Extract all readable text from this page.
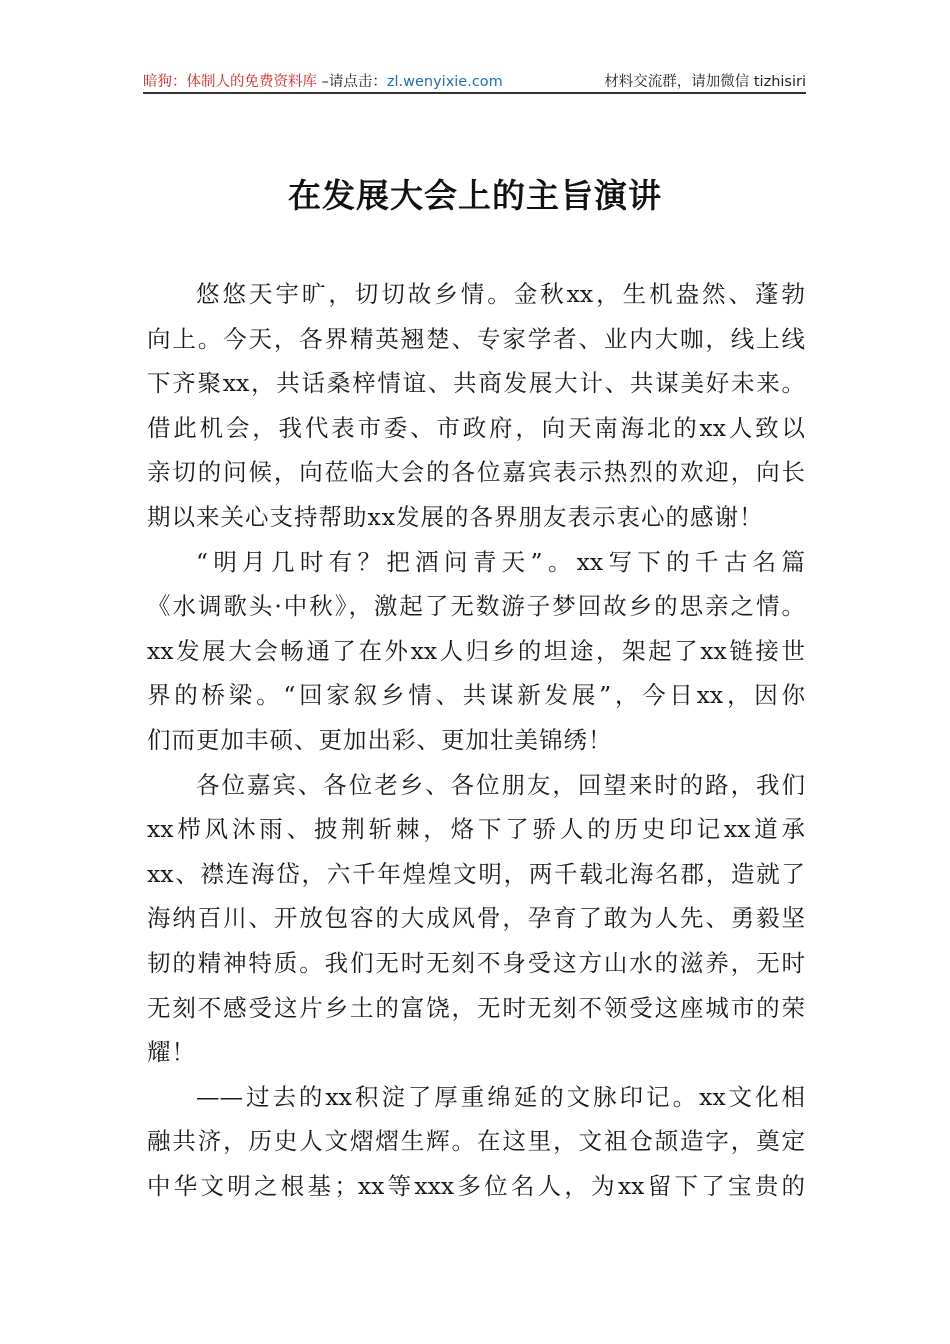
暗狗：体制人的免费资料库 –请点击：zl.wenyixie.com	材料交流群，请加微信 tizhisiri
在发展大会上的主旨演讲
悠悠天宇旷，切切故乡情。金秋xx，生机盎然、蓬勃
向上。今天，各界精英翘楚、专家学者、业内大咖，线上线
下齐聚xx，共话桑梓情谊、共商发展大计、共谋美好未来。
借此机会，我代表市委、市政府，向天南海北的xx人致以
亲切的问候，向莅临大会的各位嘉宾表示热烈的欢迎，向长
期以来关心支持帮助xx发展的各界朋友表示衷心的感谢！
“明月几时有？把酒问青天”。xx写下的千古名篇
《水调歌头·中秋》，激起了无数游子梦回故乡的思亲之情。
xx发展大会畅通了在外xx人归乡的坦途，架起了xx链接世
界的桥梁。“回家叙乡情、共谋新发展”，今日xx，因你
们而更加丰硕、更加出彩、更加壮美锦绣！
各位嘉宾、各位老乡、各位朋友，回望来时的路，我们
xx栉风沐雨、披荆斩棘，烙下了骄人的历史印记xx道承
xx、襟连海岱，六千年煌煌文明，两千载北海名郡，造就了
海纳百川、开放包容的大成风骨，孕育了敢为人先、勇毅坚
韧的精神特质。我们无时无刻不身受这方山水的滋养，无时
无刻不感受这片乡土的富饶，无时无刻不领受这座城市的荣
耀！
——过去的xx积淀了厚重绵延的文脉印记。xx文化相
融共济，历史人文熠熠生辉。在这里，文祖仓颉造字，奠定
中华文明之根基；xx等xxx多位名人，为xx留下了宝贵的
